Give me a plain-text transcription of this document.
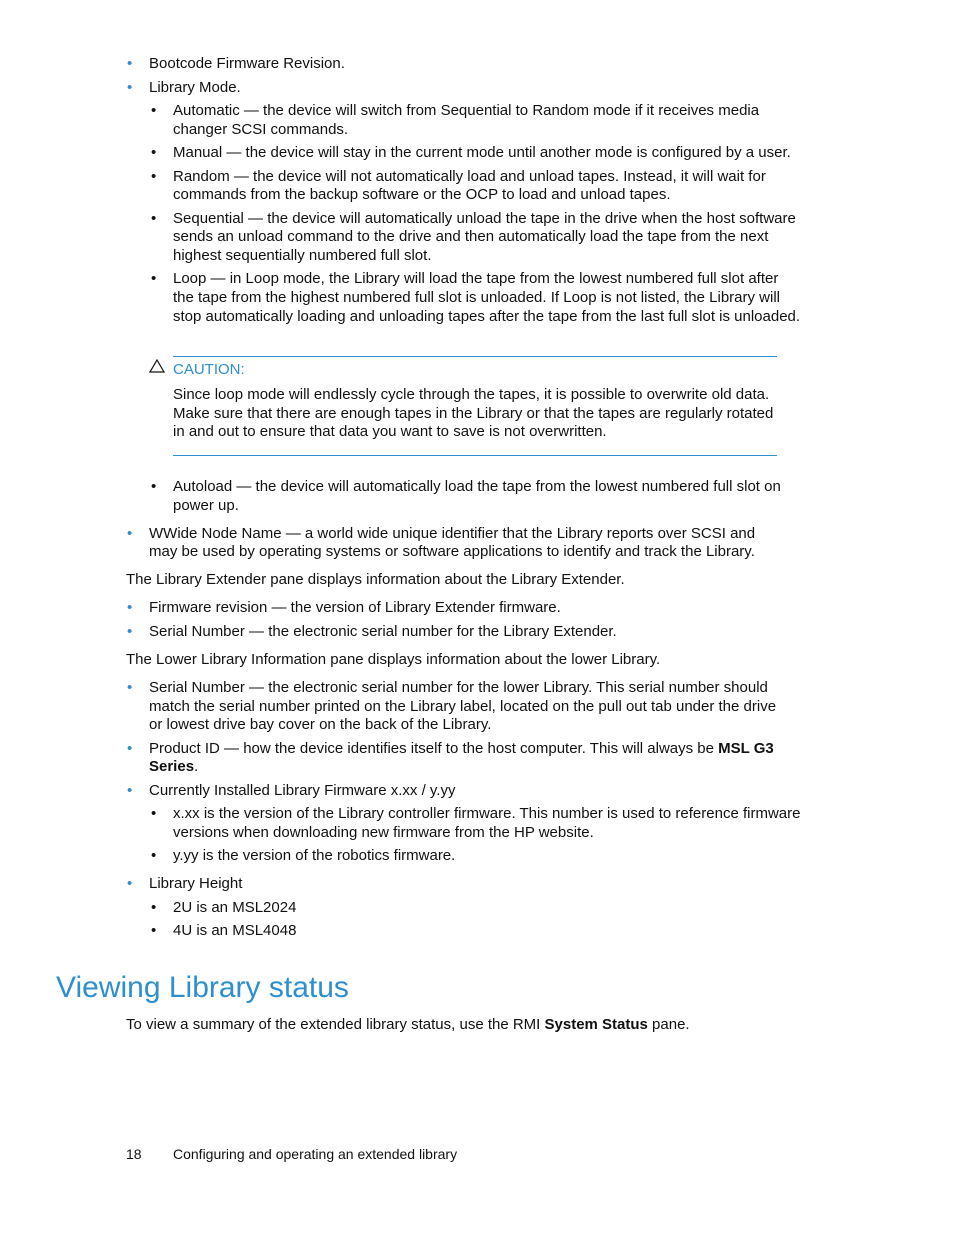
• Bootcode Firmware Revision.
• Library Mode.
• Automatic — the device will switch from Sequential to Random mode if it receives media
changer SCSI commands.
• Manual — the device will stay in the current mode until another mode is configured by a user.
• Random — the device will not automatically load and unload tapes. Instead, it will wait for
commands from the backup software or the OCP to load and unload tapes.
• Sequential — the device will automatically unload the tape in the drive when the host software
sends an unload command to the drive and then automatically load the tape from the next
highest sequentially numbered full slot.
• Loop — in Loop mode, the Library will load the tape from the lowest numbered full slot after
the tape from the highest numbered full slot is unloaded. If Loop is not listed, the Library will
stop automatically loading and unloading tapes after the tape from the last full slot is unloaded.
CAUTION:
Since loop mode will endlessly cycle through the tapes, it is possible to overwrite old data.
Make sure that there are enough tapes in the Library or that the tapes are regularly rotated
in and out to ensure that data you want to save is not overwritten.
• Autoload — the device will automatically load the tape from the lowest numbered full slot on
power up.
• WWide Node Name — a world wide unique identifier that the Library reports over SCSI and
may be used by operating systems or software applications to identify and track the Library.
The Library Extender pane displays information about the Library Extender.
• Firmware revision — the version of Library Extender firmware.
• Serial Number — the electronic serial number for the Library Extender.
The Lower Library Information pane displays information about the lower Library.
• Serial Number — the electronic serial number for the lower Library. This serial number should
match the serial number printed on the Library label, located on the pull out tab under the drive
or lowest drive bay cover on the back of the Library.
• Product ID — how the device identifies itself to the host computer. This will always be MSL G3
Series.
• Currently Installed Library Firmware x.xx / y.yy
• x.xx is the version of the Library controller firmware. This number is used to reference firmware
versions when downloading new firmware from the HP website.
• y.yy is the version of the robotics firmware.
• Library Height
• 2U is an MSL2024
• 4U is an MSL4048
Viewing Library status
To view a summary of the extended library status, use the RMI System Status pane.
18 Configuring and operating an extended library
